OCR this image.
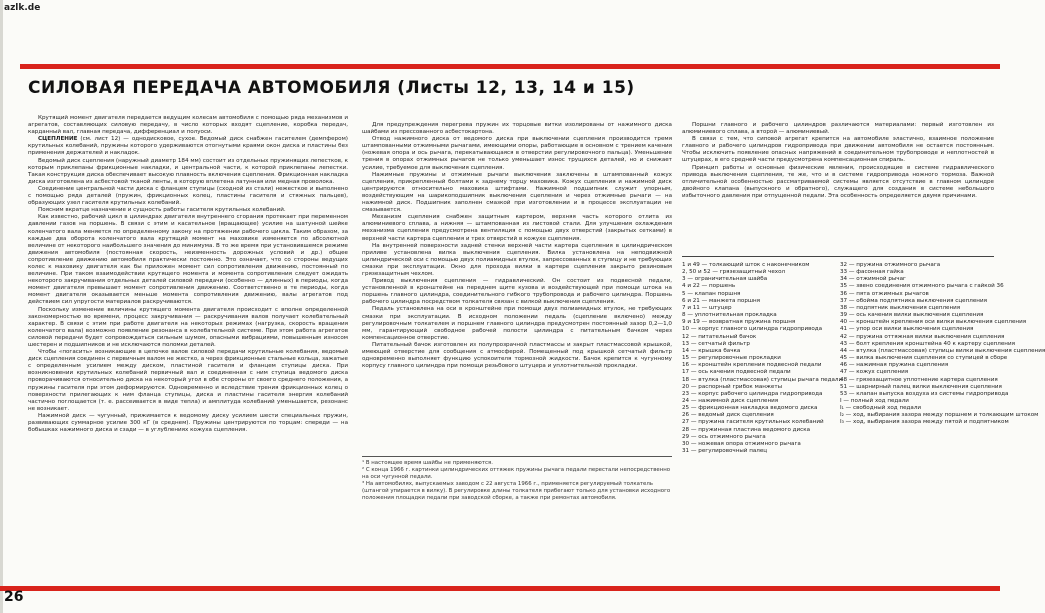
azlk.de
СИЛОВАЯ ПЕРЕДАЧА АВТОМОБИЛЯ (Листы 12, 13, 14 и 15)

Крутящий момент двигателя передается ведущим колесам автомобиля с помощью ряда механизмов и агрегатов, составляющих силовую передачу, в число которых входят сцепление, коробка передач, карданный вал, главная передача, дифференциал и полуоси.

СЦЕПЛЕНИЕ (см. лист 12) — однодисковое, сухое. Ведомый диск снабжен гасителем (демпфером) крутильных колебаний, пружины которого удерживаются отогнутыми краями окон диска и пластины без применения держателей и накладок.

Ведомый диск сцепления (наружный диаметр 184 мм) состоит из отдельных пружинящих лепестков, к которым приклепаны фрикционные накладки, и центральной части, к которой приклепаны лепестки. Такая конструкция диска обеспечивает высокую плавность включения сцепления. Фрикционная накладка диска изготовлена из асбестовой тканой ленты, в которую вплетена латунная или медная проволока.

Соединение центральной части диска с фланцем ступицы (сходной из стали) нежесткое и выполнено с помощью ряда деталей (пружин, фрикционных колец, пластины гасителя и стяжных пальцев), образующих узел гасителя крутильных колебаний.

Поясним вкратце назначение и сущность работы гасителя крутильных колебаний.

Как известно, рабочий цикл в цилиндрах двигателя внутреннего сгорания протекает при переменном давлении газов на поршень. В связи с этим и касательное (вращающее) усилие на шатунной шейке коленчатого вала меняется по определенному закону на протяжении рабочего цикла. Таким образом, за каждые два оборота коленчатого вала крутящий момент на маховике изменяется по абсолютной величине от некоторого наибольшего значения до минимума. В то же время при установившемся режиме движения автомобиля (постоянная скорость, неизменность дорожных условий и др.) общее сопротивление движению автомобиля практически постоянно. Это означает, что со стороны ведущих колес к маховику двигателя как бы приложен момент сил сопротивления движению, постоянный по величине. При таком взаимодействии крутящего момента и момента сопротивления следует ожидать некоторого закручивания отдельных деталей силовой передачи (особенно — длинных) в периоды, когда момент двигателя превышает момент сопротивления движению. Соответственно в те периоды, когда момент двигателя оказывается меньше момента сопротивления движению, валы агрегатов под действием сил упругости материалов раскручиваются.

Поскольку изменение величины крутящего момента двигателя происходит с вполне определенной закономерностью во времени, процесс закручивания — раскручивания валов получает колебательный характер. В связи с этим при работе двигателя на некоторых режимах (нагрузка, скорость вращения коленчатого вала) возможно появление резонанса в колебательной системе. При этом работа агрегатов силовой передачи будет сопровождаться сильным шумом, опасными вибрациями, повышенным износом шестерен и подшипников и не исключаются поломки деталей.

Чтобы «погасить» возникающие в цепочке валов силовой передачи крутильные колебания, ведомый диск сцепления соединен с первичным валом не жестко, а через фрикционные стальные кольца, зажатые с определенным усилием между диском, пластиной гасителя и фланцем ступицы диска. При возникновении крутильных колебаний первичный вал и соединенная с ним ступица ведомого диска проворачиваются относительно диска на некоторый угол в обе стороны от своего среднего положения, а пружины гасителя при этом деформируются. Одновременно и вследствие трения фрикционных колец о поверхности прилегающих к ним фланца ступицы, диска и пластины гасителя энергия колебаний частично поглощается (т. е. рассеивается в виде тепла) и амплитуда колебаний уменьшается, резонанс не возникает.

Нажимной диск — чугунный, прижимается к ведомому диску усилием шести специальных пружин, развивающих суммарное усилие 300 кГ (в среднем). Пружины центрируются по торцам: спереди — на бобышках нажимного диска и сзади — в углублениях кожуха сцепления.

Для предупреждения перегрева пружин их торцовые витки изолированы от нажимного диска шайбами из прессованного асбестокартона.

Отвод нажимного диска от ведомого диска при выключении сцепления производится тремя штампованными отжимными рычагами, имеющими опоры, работающие в основном с трением качения (ножевая опора и ось рычага, перекатывающаяся в отверстии регулировочного пальца). Уменьшение трения в опорах отжимных рычагов не только уменьшает износ трущихся деталей, но и снижает усилие, требуемое для выключения сцепления.

Нажимные пружины и отжимные рычаги выключения заключены в штампованный кожух сцепления, прикрепленный болтами к заднему торцу маховика. Кожух сцепления и нажимной диск центрируются относительно маховика штифтами. Нажимной подшипник служит упорным, воздействующим на шарикоподшипник выключения сцепления и через отжимные рычаги — на нажимной диск. Подшипник заполнен смазкой при изготовлении и в процессе эксплуатации не смазывается.

Механизм сцепления снабжен защитным картером, верхняя часть которого отлита из алюминиевого сплава, а нижняя — штампованная из листовой стали. Для улучшения охлаждения механизма сцепления предусмотрена вентиляция с помощью двух отверстий (закрытых сетками) в верхней части картера сцепления и трех отверстий в кожухе сцепления.

На внутренней поверхности задней стенки верхней части картера сцепления в цилиндрическом приливе установлена вилка выключения сцепления. Вилка установлена на неподвижной цилиндрической оси с помощью двух полиамидных втулок, запрессованных в ступицу и не требующих смазки при эксплуатации. Окно для прохода вилки в картере сцепления закрыто резиновым грязезащитным чехлом.

Привод выключения сцепления — гидравлический. Он состоит из подвесной педали, установленной в кронштейне на переднем щите кузова и воздействующей при помощи штока на поршень главного цилиндра, соединительного гибкого трубопровода и рабочего цилиндра. Поршень рабочего цилиндра посредством толкателя связан с вилкой выключения сцепления.

Педаль установлена на оси в кронштейне при помощи двух полиамидных втулок, не требующих смазки при эксплуатации. В исходном положении педаль (сцепление включено) между регулировочным толкателем и поршнем главного цилиндра предусмотрен постоянный зазор 0,2—1,0 мм, гарантирующий свободное рабочей полости цилиндра с питательным бачком через компенсационное отверстие.

Питательный бачок изготовлен из полупрозрачной пластмассы и закрыт пластмассовой крышкой, имеющей отверстие для сообщения с атмосферой. Помещенный под крышкой сетчатый фильтр одновременно выполняет функцию успокоителя тормозной жидкости. Бачок крепится к чугунному корпусу главного цилиндра при помощи резьбового штуцера и уплотнительной прокладки.

¹ В настоящее время шайбы не применяются.
² С конца 1966 г. картинки цилиндрических оттяжек пружины рычага педали перестали непосредственно на оси чугунной педали.
³ На автомобилях, выпускаемых заводом с 22 августа 1966 г., применяется регулируемый толкатель (штангой упирается в вилку). В регулировке длины толкателя прибегают только для установки исходного положения площадки педали при заводской сборке, а также при ремонтах автомобиля.

Поршни главного и рабочего цилиндров различаются материалами: первый изготовлен из алюминиевого сплава, а второй — алюминиевый.

В связи с тем, что сиповой агрегат крепится на автомобиле эластично, взаимное положение главного и рабочего цилиндров гидропривода при движении автомобиля не остается постоянным. Чтобы исключить появление опасных напряжений в соединительном трубопроводе и неплотностей в штуцерах, в его средней части предусмотрена компенсационная спираль.

Принцип работы и основные физические явления, происходящие в системе гидравлического привода выключения сцепления, те же, что и в системе гидропривода ножного тормоза. Важной отличительной особенностью рассматриваемой системы является отсутствие в главном цилиндре двойного клапана (выпускного и обратного), служащего для создания в системе небольшого избыточного давления при отпущенной педали. Эта особенность определяется двумя причинами.

1 и 49 — толкающий шток с наконечником
2, 50 и 52 — грязезащитный чехол
3 — ограничительная шайба
4 и 22 — поршень
5 — клапан поршня
6 и 21 — манжета поршня
7 и 11 — штуцер
8 — уплотнительная прокладка
9 и 19 — возвратная пружина поршня
10 — корпус главного цилиндра гидропривода
12 — питательный бачок
13 — сетчатый фильтр
14 — крышка бачка
15 — регулировочные прокладки
16 — кронштейн крепления подвесной педали
17 — ось качения подвесной педали
18 — втулка (пластмассовая) ступицы рычага педали
20 — распорный грибок манжеты
23 — корпус рабочего цилиндра гидропривода
24 — нажимной диск сцепления
25 — фрикционная накладка ведомого диска
26 — ведомый диск сцепления
27 — пружина гасителя крутильных колебаний
28 — пружинная пластина ведомого диска
29 — ось отжимного рычага
30 — ножевая опора отжимного рычага
31 — регулировочный палец
32 — пружина отжимного рычага
33 — фасонная гайка
34 — отжимной рычаг
35 — звено соединения отжимного рычага с гайкой 36
36 — пята отжимных рычагов
37 — обойма подпятника выключения сцепления
38 — подпятник выключения сцепления
39 — ось качения вилки выключения сцепления
40 — кронштейн крепления оси вилки выключения сцепления
41 — упор оси вилки выключения сцепления
42 — пружина оттяжная вилки выключения сцепления
43 — болт крепления кронштейна 40 к картеру сцепления
44 — втулка (пластмассовая) ступицы вилки выключения сцепления
45 — вилка выключения сцепления со ступицей в сборе
46 — нажимная пружина сцепления
47 — кожух сцепления
48 — грязезащитное уплотнение картера сцепления
51 — шарнирный палец вилки выключения сцепления
53 — клапан выпуска воздуха из системы гидропривода
I — полный ход педали
I₁ — свободный ход педали
I₂ — ход, выбирания зазора между поршнем и толкающим штоком
I₃ — ход, выбирания зазора между пятой и подпятником
26
